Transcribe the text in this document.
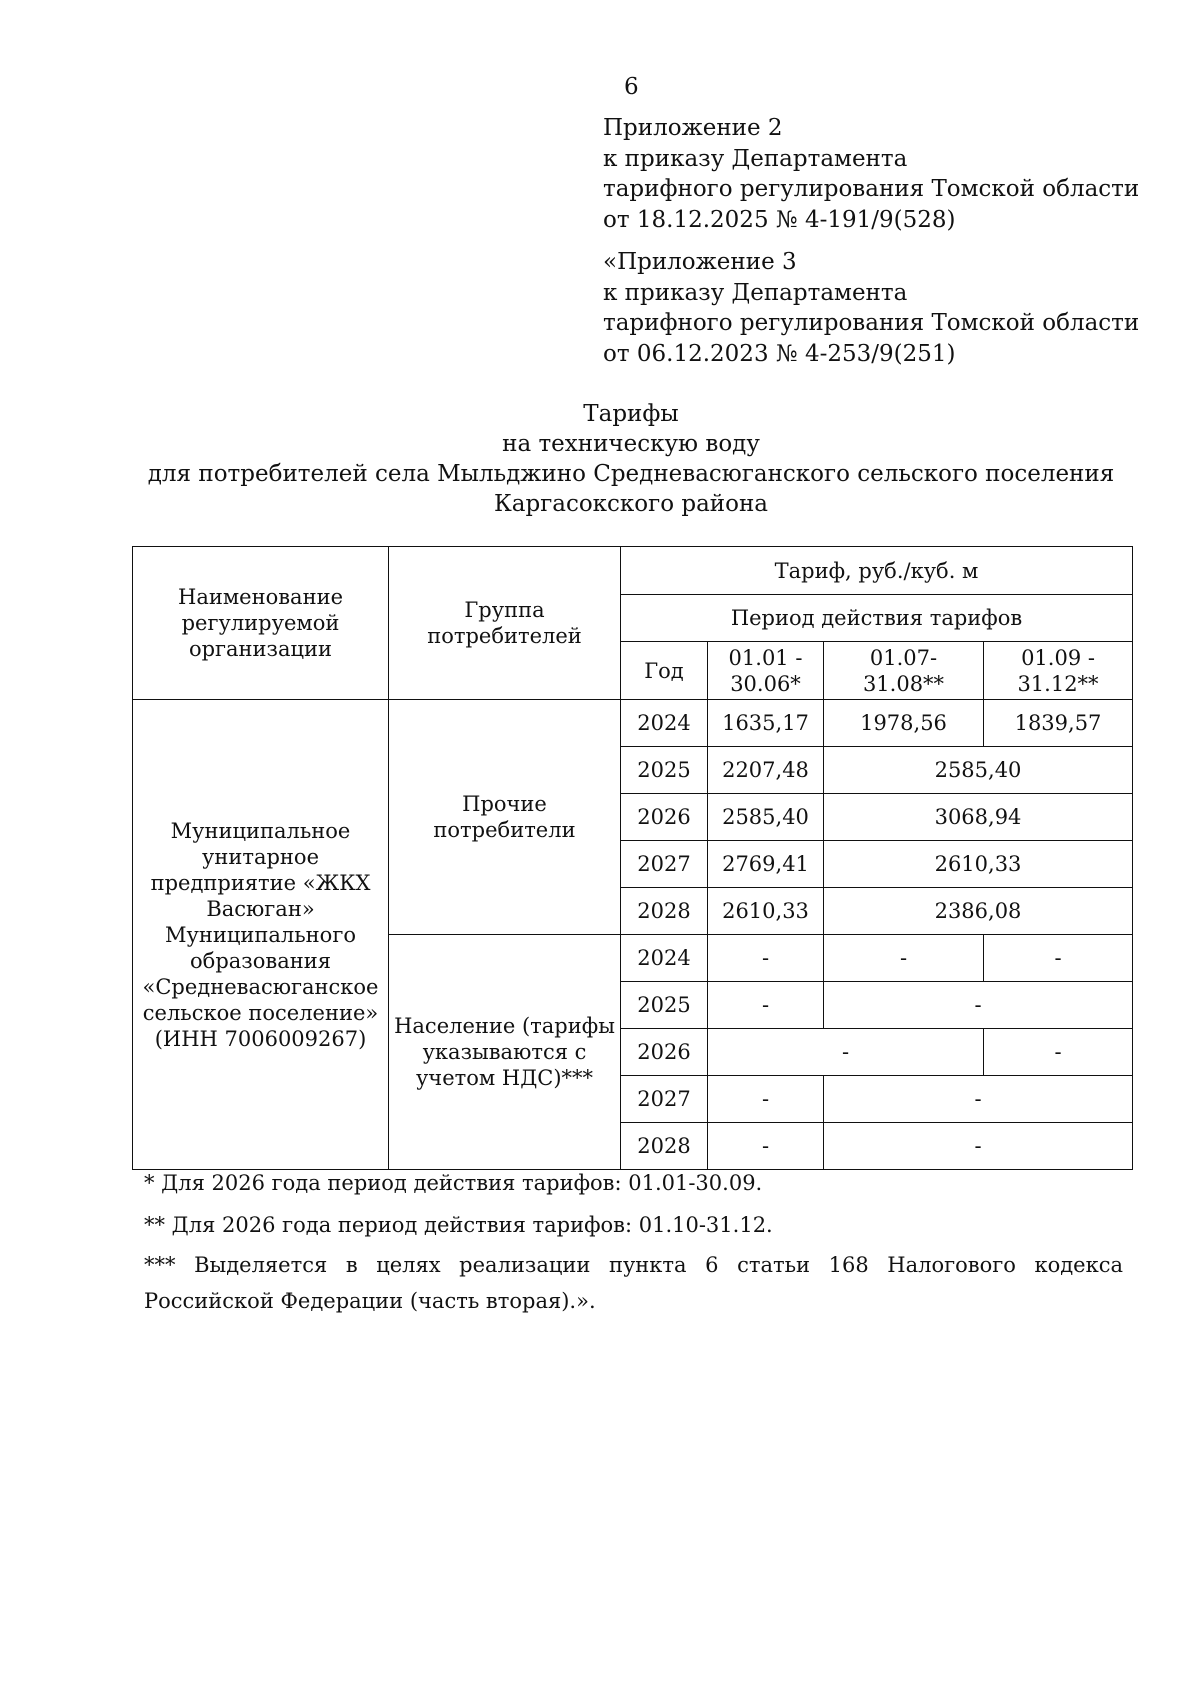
6
Приложение 2
к приказу Департамента
тарифного регулирования Томской области
от 18.12.2025 № 4-191/9(528)
«Приложение 3
к приказу Департамента
тарифного регулирования Томской области
от 06.12.2023 № 4-253/9(251)
Тарифы
на техническую воду
для потребителей села Мыльджино Средневасюганского сельского поселения
Каргасокского района
Наименование регулируемой организации	Группа потребителей	Тариф, руб./куб. м			
		Период действия тарифов			
		Год	01.01 - 30.06*	01.07- 31.08**	01.09 - 31.12**
Муниципальное унитарное предприятие «ЖКХ Васюган» Муниципального образования «Средневасюганское сельское поселение» (ИНН 7006009267)	Прочие потребители	2024	1635,17	1978,56	1839,57
		2025	2207,48	2585,40	
		2026	2585,40	3068,94	
		2027	2769,41	2610,33	
		2028	2610,33	2386,08	
	Население (тарифы указываются с учетом НДС)***	2024	-	-	-
		2025	-	-	
		2026	-		-
		2027	-	-	
		2028	-	-	
* Для 2026 года период действия тарифов: 01.01-30.09.
** Для 2026 года период действия тарифов: 01.10-31.12.
*** Выделяется в целях реализации пункта 6 статьи 168 Налогового кодекса Российской Федерации (часть вторая).».
